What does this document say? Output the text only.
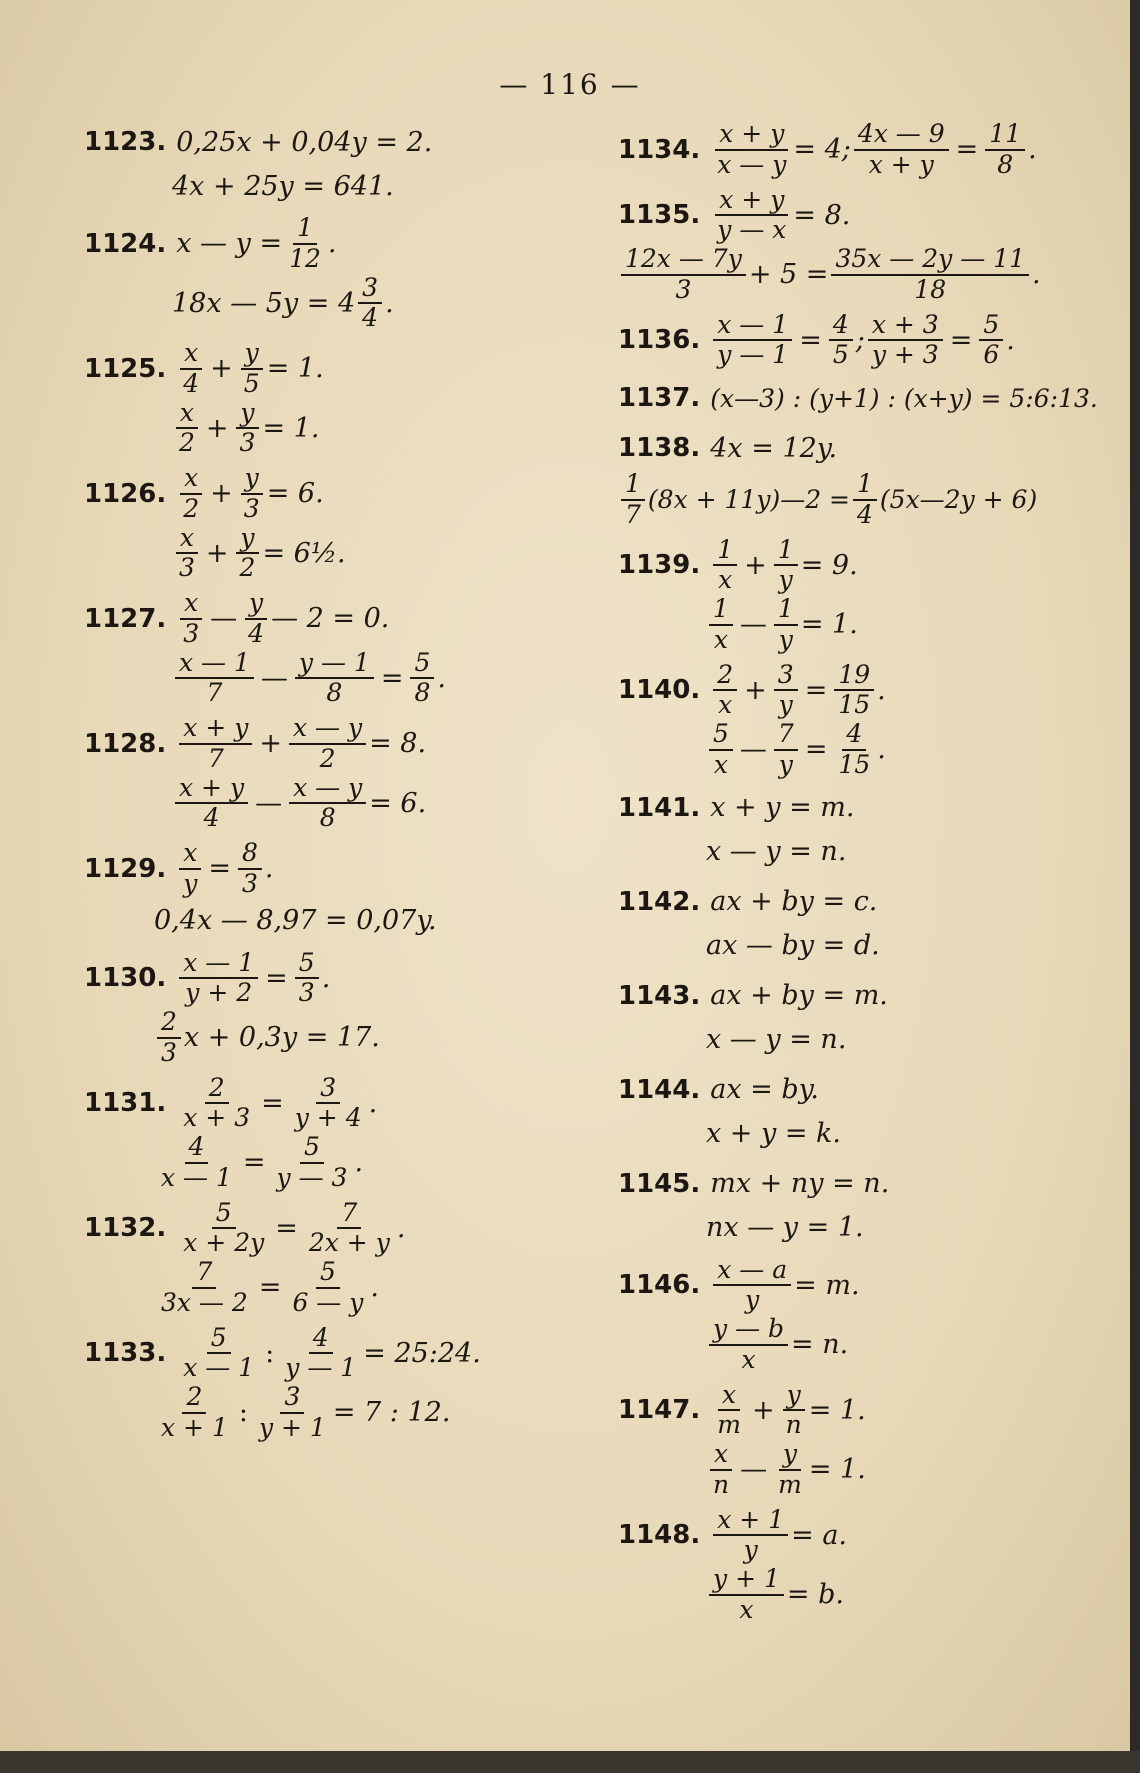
— 116 —
1123. 0,25x + 0,04y = 2.
4x + 25y = 641.
1124. x — $y = \frac{1}{12}$ .
18x — $5y = 4 \frac{3}{4}$ .
1125. $\frac{x}{4} + \frac{y}{5} = 1$.
$\frac{x}{2} + \frac{y}{3} = 1$.
1126. $\frac{x}{2} + \frac{y}{3} = 6$.
$\frac{x}{3} + \frac{y}{2}$ = 6½.
1127. $\frac{x}{3}$ — $\frac{y}{4}$ — 2 = 0.
$\frac{x — 1}{7}$ — $\frac{y — 1}{8} = \frac{5}{8}$ .
1128. $\frac{x + y}{7} + \frac{x — y}{2} = 8$.
$\frac{x + y}{4}$ — $\frac{x — y}{8} = 6$.
1129. $\frac{x}{y} = \frac{8}{3}$ .
0,4x — 8,97 = 0,07y.
1130. $\frac{x — 1}{y + 2} = \frac{5}{3}$ .
$\frac{2}{3}$ x + 0,3y = 17.
1131. $\frac{2}{x + 3} = \frac{3}{y + 4}$ .
$\frac{4}{x — 1} = \frac{5}{y — 3}$ .
1132. $\frac{5}{x + 2y} = \frac{7}{2x + y}$ .
$\frac{7}{3x — 2} = \frac{5}{6 — y}$ .
1133. $\frac{5}{x — 1}$ : $\frac{4}{y — 1}$ = 25:24.
$\frac{2}{x + 1}$ : $\frac{3}{y + 1} = 7$ : 12.
1134. $\frac{x + y}{x — y} = 4$; $\frac{4x — 9}{x + y} = \frac{11}{8}$ .
1135. $\frac{x + y}{y — x} = 8$.
$\frac{12x — 7y}{3} + 5 = \frac{35x — 2y — 11}{18}$ .
1136. $\frac{x — 1}{y — 1} = \frac{4}{5}$ ; $\frac{x + 3}{y + 3} = \frac{5}{6}$ .
1137. (x—3) : (y+1) : (x+y) = 5:6:13.
1138. 4x = 12y.
$\frac{1}{7} (8x$ + 11y)—2 = $\frac{1}{4}$ (5x—2y + 6)
1139. $\frac{1}{x} + \frac{1}{y} = 9$.
$\frac{1}{x}$ — $\frac{1}{y} = 1$.
1140. $\frac{2}{x} + \frac{3}{y} = \frac{19}{15}$ .
$\frac{5}{x}$ — $\frac{7}{y} = \frac{4}{15}$ .
1141. x + y = m.
x — y = n.
1142. ax + by = c.
ax — by = d.
1143. ax + by = m.
x — y = n.
1144. ax = by.
x + y = k.
1145. mx + ny = n.
nx — y = 1.
1146. $\frac{x — a}{y} = m$.
$\frac{y — b}{x} = n$.
1147. $\frac{x}{m} + \frac{y}{n} = 1$.
$\frac{x}{n}$ — $\frac{y}{m} = 1$.
1148. $\frac{x + 1}{y} = a$.
$\frac{y + 1}{x} = b$.
